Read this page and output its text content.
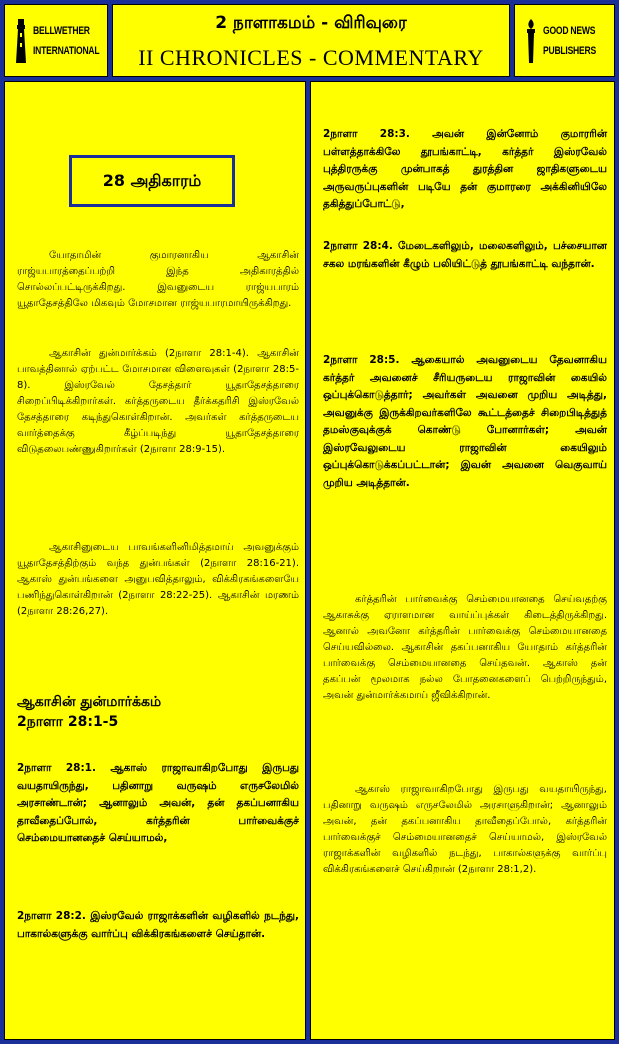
BELLWETHER
INTERNATIONAL
2 நாளாகமம் - விரிவுரை
II CHRONICLES - COMMENTARY
GOOD NEWS
PUBLISHERS
28 அதிகாரம்
யோதாமின் குமாரனாகிய ஆகாசின் ராஜ்யபாரத்தைப்பற்றி இந்த அதிகாரத்தில் சொல்லப்பட்டிருக்கிறது. இவனுடைய ராஜ்யபாரம் யூதாதேசத்திலே மிகவும் மோசமான ராஜ்யபாரமாயிருக்கிறது.
ஆகாசின் துன்மார்க்கம் (2நாளா 28:1-4). ஆகாசின் பாவத்தினால் ஏற்பட்ட மோசமான விளைவுகள் (2நாளா 28:5-8). இஸ்ரவேல் தேசத்தார் யூதாதேசத்தாரை சிறைப்பிடிக்கிறார்கள். கர்த்தருடைய தீர்க்கதரிசி இஸ்ரவேல் தேசத்தாரை கடிந்துகொள்கிறான். அவர்கள் கர்த்தருடைய வார்த்தைக்கு கீழ்ப்படிந்து யூதாதேசத்தாரை விடுதலைபண்ணுகிறார்கள் (2நாளா 28:9-15).
ஆகாசினுடைய பாவங்களினிமித்தமாய் அவனுக்கும் யூதாதேசத்திற்கும் வந்த துன்பங்கள் (2நாளா 28:16-21). ஆகாஸ் துன்பங்களை அனுபவித்தாலும், விக்கிரகங்களையே பணிந்துகொள்கிறான் (2நாளா 28:22-25). ஆகாசின் மரணம் (2நாளா 28:26,27).
ஆகாசின் துன்மார்க்கம்
2நாளா 28:1-5
2நாளா 28:1. ஆகாஸ் ராஜாவாகிறபோது இருபது வயதாயிருந்து, பதினாறு வருஷம் எருசலேமில் அரசாண்டான்; ஆனாலும் அவன், தன் தகப்பனாகிய தாவீதைப்போல், கர்த்தரின் பார்வைக்குச் செம்மையானதைச் செய்யாமல்,
2நாளா 28:2. இஸ்ரவேல் ராஜாக்களின் வழிகளில் நடந்து, பாகால்களுக்கு வார்ப்பு விக்கிரகங்களைச் செய்தான்.
2நாளா 28:3. அவன் இன்னோம் குமாரரின் பள்ளத்தாக்கிலே தூபங்காட்டி, கர்த்தர் இஸ்ரவேல் புத்திரருக்கு முன்பாகத் துரத்தின ஜாதிகளுடைய அருவருப்புகளின் படியே தன் குமாரரை அக்கினியிலே தகித்துப்போட்டு,
2நாளா 28:4. மேடைகளிலும், மலைகளிலும், பச்சையான சகல மரங்களின் கீழும் பலியிட்டுத் தூபங்காட்டி வந்தான்.
2நாளா 28:5. ஆகையால் அவனுடைய தேவனாகிய கர்த்தர் அவனைச் சீரியருடைய ராஜாவின் கையில் ஒப்புக்கொடுத்தார்; அவர்கள் அவனை முறிய அடித்து, அவனுக்கு இருக்கிறவர்களிலே கூட்டத்தைச் சிறைபிடித்துத் தமஸ்குவுக்குக் கொண்டு போனார்கள்; அவன் இஸ்ரவேலுடைய ராஜாவின் கையிலும் ஒப்புக்கொடுக்கப்பட்டான்; இவன் அவனை வெகுவாய் முறிய அடித்தான்.
கர்த்தரின் பார்வைக்கு செம்மையானதை செய்வதற்கு ஆகாசுக்கு ஏராளமான வாய்ப்புக்கள் கிடைத்திருக்கிறது. ஆனால் அவனோ கர்த்தரின் பார்வைக்கு செம்மையானதை செய்யவில்லை. ஆகாசின் தகப்பனாகிய யோதாம் கர்த்தரின் பார்வைக்கு செம்மையானதை செய்தவன். ஆகாஸ் தன் தகப்பன் மூலமாக நல்ல போதனைகளைப் பெற்றிருந்தும், அவன் துன்மார்க்கமாய் ஜீவிக்கிறான்.
ஆகாஸ் ராஜாவாகிறபோது இருபது வயதாயிருந்து, பதினாறு வருஷம் எருசலேமில் அரசாளுகிறான்; ஆனாலும் அவன், தன் தகப்பனாகிய தாவீதைப்போல், கர்த்தரின் பார்வைக்குச் செம்மையானதைச் செய்யாமல், இஸ்ரவேல் ராஜாக்களின் வழிகளில் நடந்து, பாகால்களுக்கு வார்ப்பு விக்கிரகங்களைச் செய்கிறான் (2நாளா 28:1,2).
